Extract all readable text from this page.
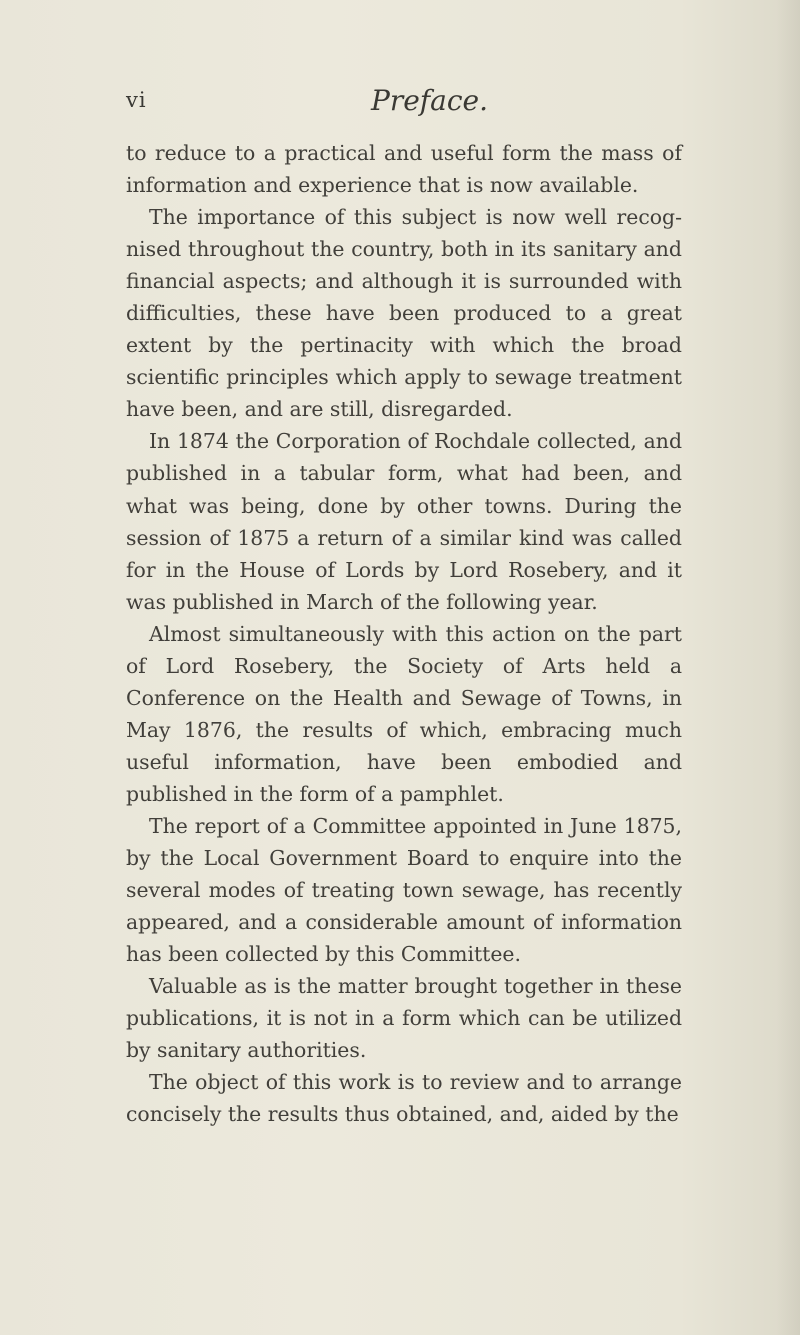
vi	Preface.

to reduce to a practical and useful form the mass of information and experience that is now available.

The importance of this subject is now well recognised throughout the country, both in its sanitary and financial aspects; and although it is surrounded with difficulties, these have been produced to a great extent by the pertinacity with which the broad scientific principles which apply to sewage treatment have been, and are still, disregarded.

In 1874 the Corporation of Rochdale collected, and published in a tabular form, what had been, and what was being, done by other towns. During the session of 1875 a return of a similar kind was called for in the House of Lords by Lord Rosebery, and it was published in March of the following year.

Almost simultaneously with this action on the part of Lord Rosebery, the Society of Arts held a Conference on the Health and Sewage of Towns, in May 1876, the results of which, embracing much useful information, have been embodied and published in the form of a pamphlet.

The report of a Committee appointed in June 1875, by the Local Government Board to enquire into the several modes of treating town sewage, has recently appeared, and a considerable amount of information has been collected by this Committee.

Valuable as is the matter brought together in these publications, it is not in a form which can be utilized by sanitary authorities.

The object of this work is to review and to arrange concisely the results thus obtained, and, aided by the
